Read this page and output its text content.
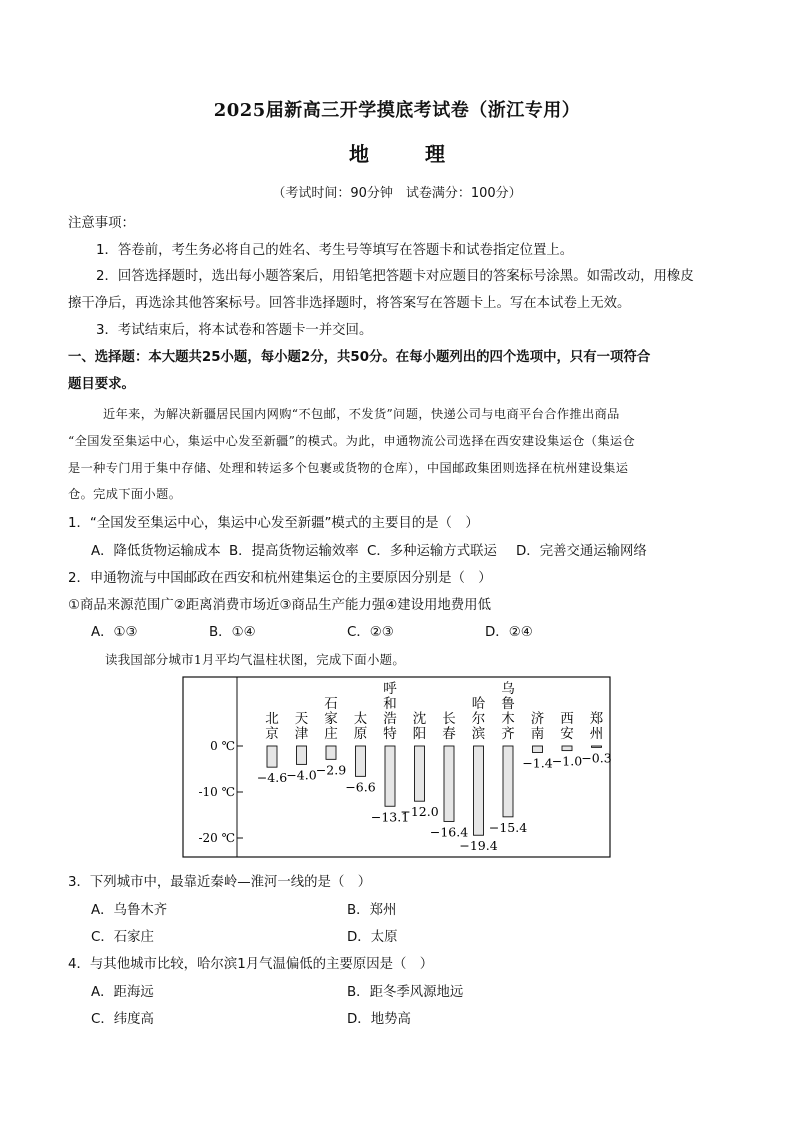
2025届新高三开学摸底考试卷（浙江专用）
地	理
（考试时间：90分钟　试卷满分：100分）
注意事项：
1．答卷前，考生务必将自己的姓名、考生号等填写在答题卡和试卷指定位置上。
2．回答选择题时，选出每小题答案后，用铅笔把答题卡对应题目的答案标号涂黑。如需改动，用橡皮
擦干净后，再选涂其他答案标号。回答非选择题时，将答案写在答题卡上。写在本试卷上无效。
3．考试结束后，将本试卷和答题卡一并交回。
一、选择题：本大题共25小题，每小题2分，共50分。在每小题列出的四个选项中，只有一项符合
题目要求。
近年来，为解决新疆居民国内网购“不包邮，不发货”问题，快递公司与电商平台合作推出商品
“全国发至集运中心，集运中心发至新疆”的模式。为此，申通物流公司选择在西安建设集运仓（集运仓
是一种专门用于集中存储、处理和转运多个包裹或货物的仓库），中国邮政集团则选择在杭州建设集运
仓。完成下面小题。
1．“全国发至集运中心，集运中心发至新疆”模式的主要目的是（　）
A．降低货物运输成本 B．提高货物运输效率 C．多种运输方式联运 D．完善交通运输网络
2．申通物流与中国邮政在西安和杭州建集运仓的主要原因分别是（　）
①商品来源范围广②距离消费市场近③商品生产能力强④建设用地费用低
A．①③	B．①④	C．②③	D．②④
读我国部分城市1月平均气温柱状图，完成下面小题。
0 ℃
-10 ℃
-20 ℃
北京
−4.6
天津
−4.0
石家庄
−2.9
太原
−6.6
呼和浩特
−13.1
沈阳
−12.0
长春
−16.4
哈尔滨
−19.4
乌鲁木齐
−15.4
济南
−1.4
西安
−1.0
郑州
−0.3
3．下列城市中，最靠近秦岭—淮河一线的是（　）
A．乌鲁木齐	B．郑州
C．石家庄	D．太原
4．与其他城市比较，哈尔滨1月气温偏低的主要原因是（　）
A．距海远	B．距冬季风源地远
C．纬度高	D．地势高
